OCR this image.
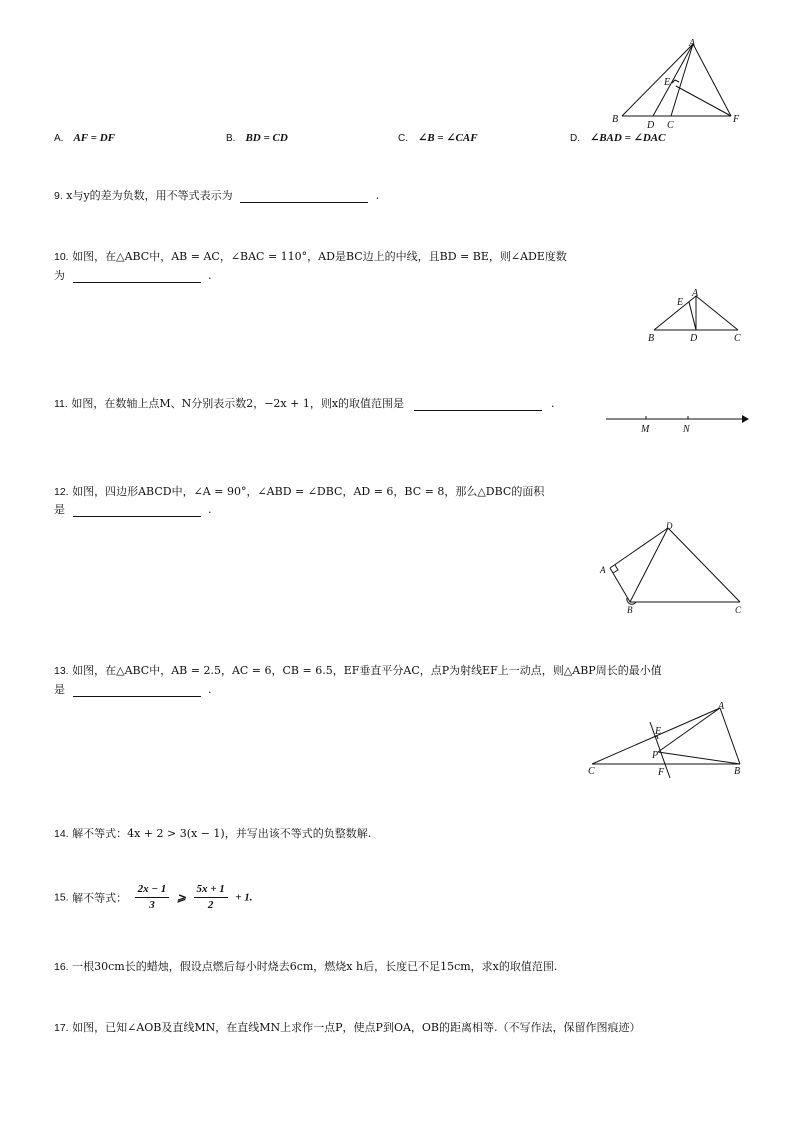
A
E
B
D C
F
A. AF = DF	B. BD = CD	C. ∠B = ∠CAF	D. ∠BAD = ∠DAC
9. x与y的差为负数，用不等式表示为	.
10. 如图，在△ABC中，AB = AC，∠BAC = 110°，AD是BC边上的中线，且BD = BE，则∠ADE度数
为	.
E
A
B	D	C
11. 如图，在数轴上点M、N分别表示数2，−2x + 1，则x的取值范围是	.
M	N
12. 如图，四边形ABCD中，∠A = 90°，∠ABD = ∠DBC，AD = 6，BC = 8，那么△DBC的面积
是	.
D
A
B	C
13. 如图，在△ABC中，AB = 2.5，AC = 6，CB = 6.5，EF垂直平分AC，点P为射线EF上一动点，则△ABP周长的最小值
是	.
A
E
P
C	F	B
14. 解不等式：4x + 2 > 3(x − 1)，并写出该不等式的负整数解.
15. 解不等式： $\frac{2x - 1}{3}$ ⩾ $\frac{5x + 1}{2} + 1$.
16. 一根30cm长的蜡烛，假设点燃后每小时烧去6cm，燃烧x h后，长度已不足15cm，求x的取值范围.
17. 如图，已知∠AOB及直线MN，在直线MN上求作一点P，使点P到OA，OB的距离相等.（不写作法，保留作图痕迹）
